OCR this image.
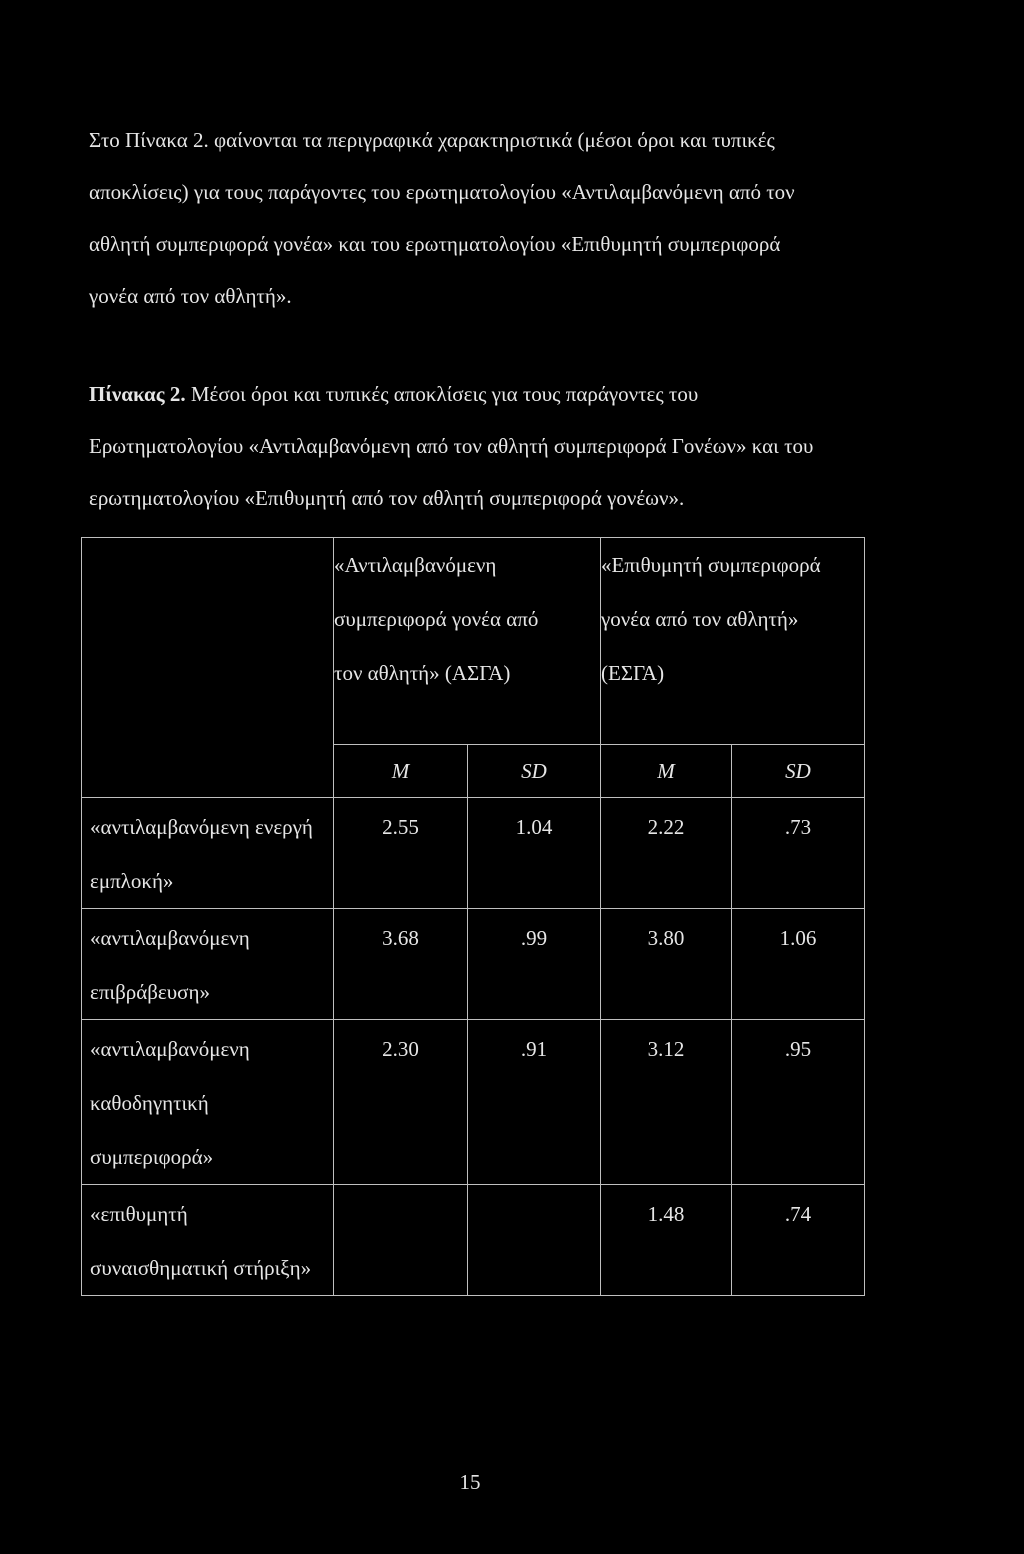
Στο Πίνακα 2. φαίνονται τα περιγραφικά χαρακτηριστικά (μέσοι όροι και τυπικές
αποκλίσεις) για τους παράγοντες του ερωτηματολογίου «Αντιλαμβανόμενη από τον
αθλητή συμπεριφορά γονέα» και του ερωτηματολογίου «Επιθυμητή συμπεριφορά
γονέα από τον αθλητή».

Πίνακας 2. Μέσοι όροι και τυπικές αποκλίσεις για τους παράγοντες του
Ερωτηματολογίου «Αντιλαμβανόμενη από τον αθλητή συμπεριφορά Γονέων» και του
ερωτηματολογίου «Επιθυμητή από τον αθλητή συμπεριφορά γονέων».

	«Αντιλαμβανόμενη
συμπεριφορά γονέα από
τον αθλητή» (ΑΣΓΑ)		«Επιθυμητή συμπεριφορά
γονέα από τον αθλητή»
(ΕΣΓΑ)	

	M	SD	M	SD

«αντιλαμβανόμενη ενεργή
εμπλοκή»	2.55	1.04	2.22	.73

«αντιλαμβανόμενη
επιβράβευση»	3.68	.99	3.80	1.06

«αντιλαμβανόμενη
καθοδηγητική
συμπεριφορά»	2.30	.91	3.12	.95

«επιθυμητή
συναισθηματική στήριξη»			1.48	.74
15
